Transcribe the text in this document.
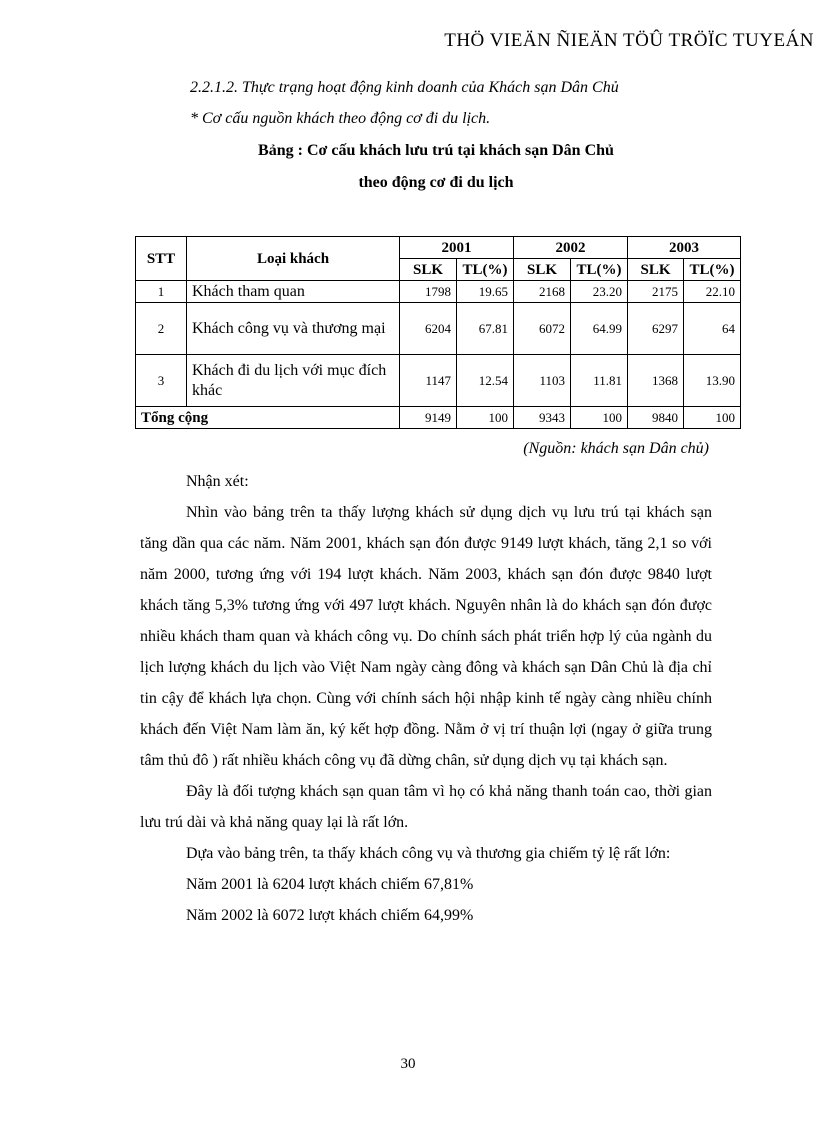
THÖ VIEÄN ÑIEÄN TÖÛ TRÖÏC TUYEÁN

2.2.1.2. Thực trạng hoạt động kinh doanh của Khách sạn Dân Chủ

* Cơ cấu nguồn khách theo động cơ đi du lịch.

Bảng : Cơ cấu khách lưu trú tại khách sạn Dân Chủ

theo động cơ đi du lịch

STT	Loại khách	2001		2002		2003	
		SLK	TL(%)	SLK	TL(%)	SLK	TL(%)
1	Khách tham quan	1798	19.65	2168	23.20	2175	22.10
2	Khách công vụ và thương mại	6204	67.81	6072	64.99	6297	64
3	Khách đi du lịch với mục đích khác	1147	12.54	1103	11.81	1368	13.90
Tổng cộng		9149	100	9343	100	9840	100

(Nguồn: khách sạn Dân chủ)

Nhận xét:

Nhìn vào bảng trên ta thấy lượng khách sử dụng dịch vụ lưu trú tại khách sạn tăng dần qua các năm. Năm 2001, khách sạn đón được 9149 lượt khách, tăng 2,1 so với năm 2000, tương ứng với 194 lượt khách. Năm 2003, khách sạn đón được 9840 lượt khách tăng 5,3% tương ứng với 497 lượt khách. Nguyên nhân là do khách sạn đón được nhiều khách tham quan và khách công vụ. Do chính sách phát triển hợp lý của ngành du lịch lượng khách du lịch vào Việt Nam ngày càng đông và khách sạn Dân Chủ là địa chỉ tin cậy để khách lựa chọn. Cùng với chính sách hội nhập kinh tế ngày càng nhiều chính khách đến Việt Nam làm ăn, ký kết hợp đồng. Nằm ở vị trí thuận lợi (ngay ở giữa trung tâm thủ đô ) rất nhiều khách công vụ đã dừng chân, sử dụng dịch vụ tại khách sạn.

Đây là đối tượng khách sạn quan tâm vì họ có khả năng thanh toán cao, thời gian lưu trú dài và khả năng quay lại là rất lớn.

Dựa vào bảng trên, ta thấy khách công vụ và thương gia chiếm tỷ lệ rất lớn:

Năm 2001 là 6204 lượt khách chiếm 67,81%

Năm 2002 là 6072 lượt khách chiếm 64,99%

30
